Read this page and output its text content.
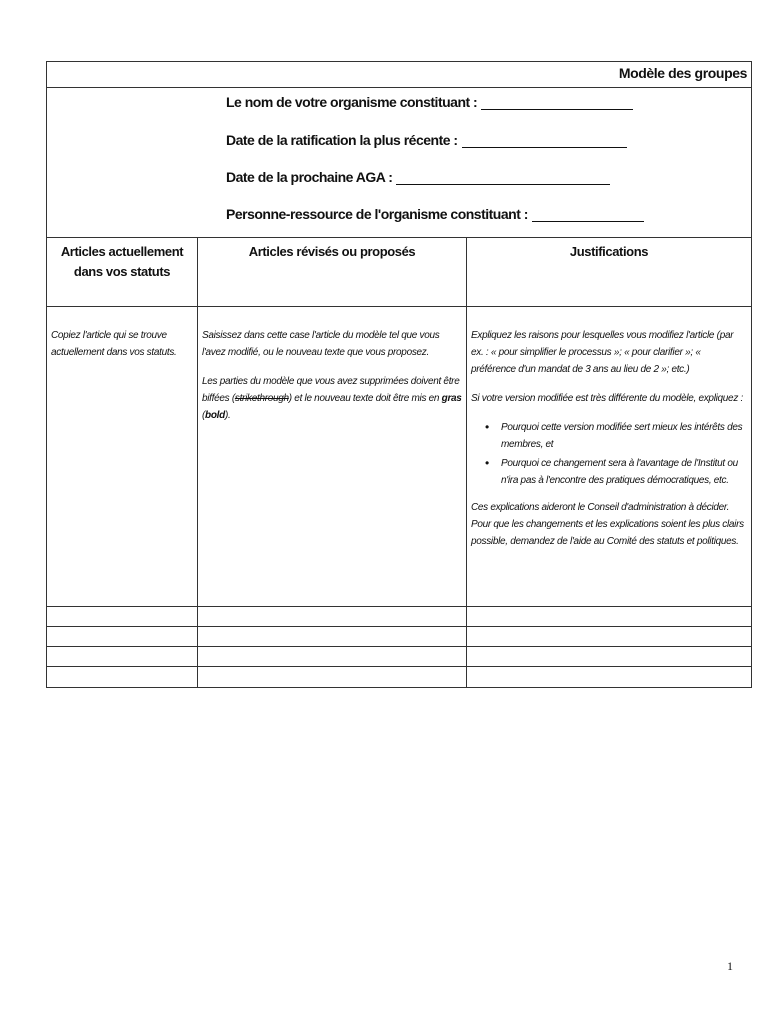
Modèle des groupes
Le nom de votre organisme constituant :
Date de la ratification la plus récente :
Date de la prochaine AGA :
Personne-ressource de l'organisme constituant :
Articles actuellement dans vos statuts
Articles révisés ou proposés	Justifications

Copiez l'article qui se trouve actuellement dans vos statuts.

Saisissez dans cette case l'article du modèle tel que vous l'avez modifié, ou le nouveau texte que vous proposez.

Les parties du modèle que vous avez supprimées doivent être biffées (strikethrough) et le nouveau texte doit être mis en gras (bold).

Expliquez les raisons pour lesquelles vous modifiez l'article (par ex. : « pour simplifier le processus »; « pour clarifier »; « préférence d'un mandat de 3 ans au lieu de 2 »; etc.)

Si votre version modifiée est très différente du modèle, expliquez :

• Pourquoi cette version modifiée sert mieux les intérêts des membres, et
• Pourquoi ce changement sera à l'avantage de l'Institut ou n'ira pas à l'encontre des pratiques démocratiques, etc.

Ces explications aideront le Conseil d'administration à décider. Pour que les changements et les explications soient les plus clairs possible, demandez de l'aide au Comité des statuts et politiques.

1
